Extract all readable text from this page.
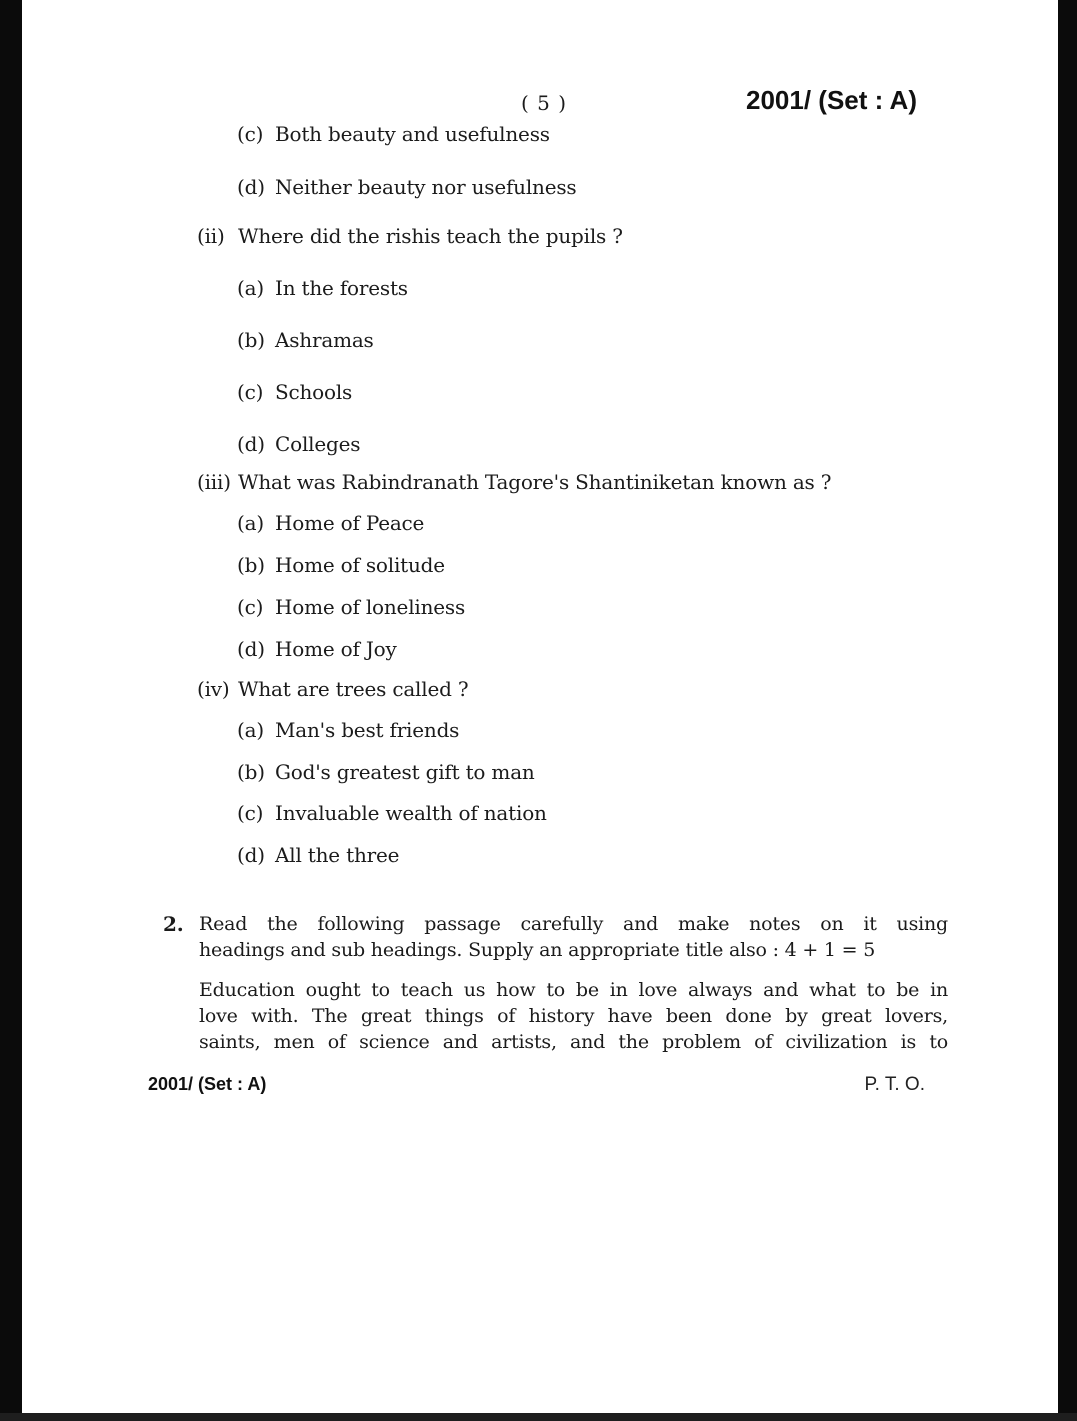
( 5 )	2001/ (Set : A)
(c) Both beauty and usefulness
(d) Neither beauty nor usefulness
(ii) Where did the rishis teach the pupils ?
(a) In the forests
(b) Ashramas
(c) Schools
(d) Colleges
(iii) What was Rabindranath Tagore's Shantiniketan known as ?
(a) Home of Peace
(b) Home of solitude
(c) Home of loneliness
(d) Home of Joy
(iv) What are trees called ?
(a) Man's best friends
(b) God's greatest gift to man
(c) Invaluable wealth of nation
(d) All the three
2. Read the following passage carefully and make notes on it using
headings and sub headings. Supply an appropriate title also : 4 + 1 = 5
Education ought to teach us how to be in love always and what to be in
love with. The great things of history have been done by great lovers,
saints, men of science and artists, and the problem of civilization is to
2001/ (Set : A)	P. T. O.
